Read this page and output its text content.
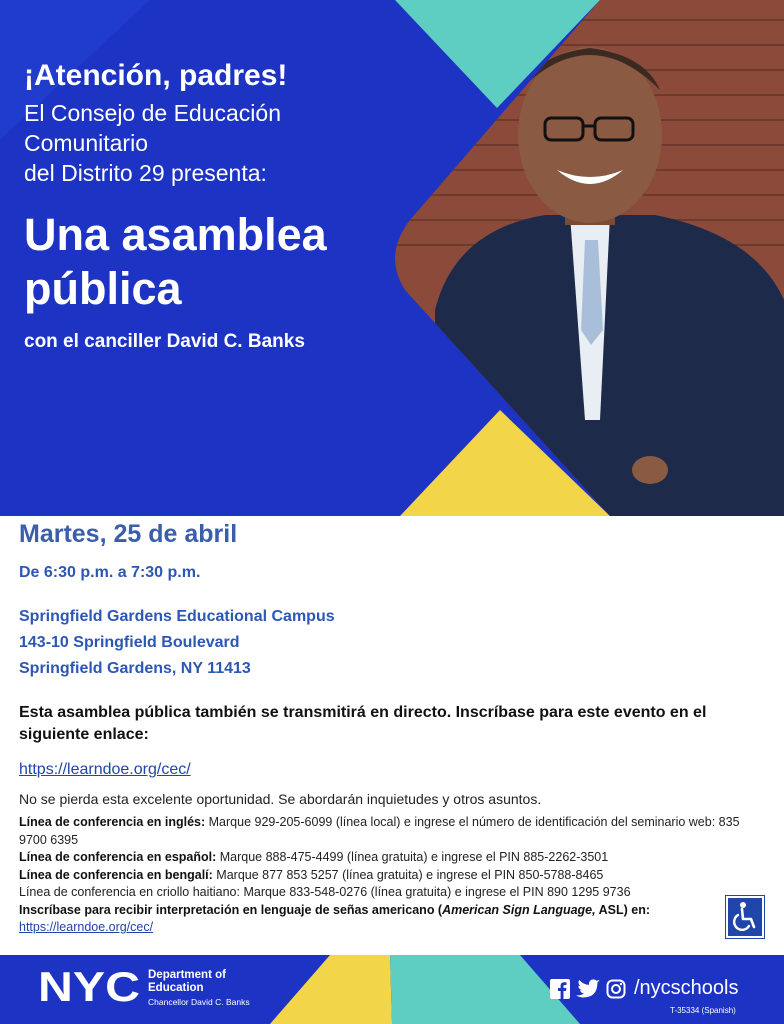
¡Atención, padres!

El Consejo de Educación
Comunitario
del Distrito 29 presenta:
Una asamblea
pública

con el canciller David C. Banks

Martes, 25 de abril

De 6:30 p.m. a 7:30 p.m.

Springfield Gardens Educational Campus
143-10 Springfield Boulevard
Springfield Gardens, NY 11413

Esta asamblea pública también se transmitirá en directo. Inscríbase para este evento en el siguiente enlace:

https://learndoe.org/cec/

No se pierda esta excelente oportunidad. Se abordarán inquietudes y otros asuntos.

Línea de conferencia en inglés: Marque 929-205-6099 (línea local) e ingrese el número de identificación del seminario web: 835 9700 6395
Línea de conferencia en español: Marque 888-475-4499 (línea gratuita) e ingrese el PIN 885-2262-3501
Línea de conferencia en bengalí: Marque 877 853 5257 (línea gratuita) e ingrese el PIN 850-5788-8465
Línea de conferencia en criollo haitiano: Marque 833-548-0276 (línea gratuita) e ingrese el PIN 890 1295 9736
Inscríbase para recibir interpretación en lenguaje de señas americano (American Sign Language, ASL) en:
https://learndoe.org/cec/
NYC Department of
Education
Chancellor David C. Banks
/nycschools
T-35334 (Spanish)
